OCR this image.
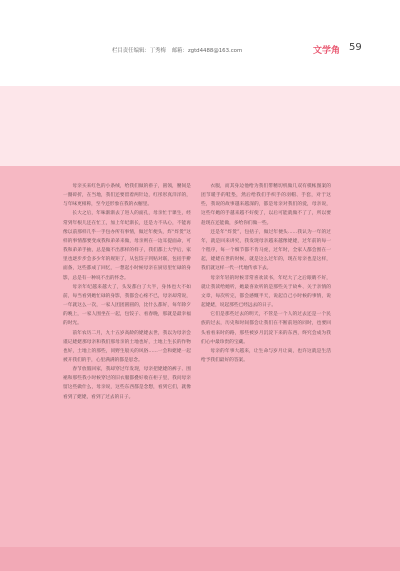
栏目责任编辑：丁秀梅 邮箱：zgtd4488@163.com	文学角 59

母亲买来红色的小条绒，给我们做的褂子，圆领，腰间是一圈碎折，在当地，我们还要留着两针边，红彤彤真洋洋的，与年味更相称，至今还形象在我的衣橱里。

长大之后，年味渐渐去了进人的面孔，母亲忙于课生，经常到年根儿还在忙工，加上年纪渐长，还是力不从心，不能再像以前那样几乎一手包办所有事情，做过年便头，炸“炸货”这样的事情都要变成我和弟弟来做，母亲则在一边耳提面命，可我和弟弟手抽，总是做不出那样的样子，我们都上大学后，家里也逐步步会多少年的规矩了，从包饺子到贴对联，包括手擀面条，这些都成了回忆，一想起小时候母亲在厨房里忙碌的身影，总是有一种说不出的怀念。

母亲年纪越来越大了，头发都白了大半，身体也大不如前，每当看到她忙碌的身影，我都会心疼不已，母亲却常说，一年就这么一次，一家人团团圆圆的，比什么都好，每年除夕的晚上，一家人围坐在一起，包饺子、看春晚，那就是最幸福的时光。

前年农历二月，九十五岁高龄的姥姥去世，我以为母亲会谨记姥姥那母亲和我们那母亲的土地也好，土地上生长的作物也好，土地上的那些，同野生般关的风俗……一会和姥姥一起被开我们的手，心里满满的都是思念。

春节放假回家，我却穿过年发现，母亲把姥姥的裤子、围裙和那些我小时候穿过的旧衣服都叠好收在柜子里，我问母亲留这些做什么，母亲说，这些东西都是念想，看到它们，就像看到了姥姥，看到了过去的日子。

衣服，而其身边他给为我们带精切机做几双有模帐图案的团节暖手的鞋垫，然后给我们手织手的羽帽、手套，对于这些，我说的故事越来越深的，都是母亲对我们的爱，母亲说，这些年她的手越来越不好使了，以后可能就做不了了，所以要趁现在还能做，多给你们做一些。

还是年“炸货”，包括子，做过年便头……我认为一年的过年，就是回来讲究，我发现母亲越来越像姥姥，过年前的每一个程序，每一个细节都不肯马虎，过年时，全家人都会围在一起，姥姥在世的时候，就是这么过年的，现在母亲也是这样，我们就这样一代一代地传承下去。

母亲年轻的时候非常喜欢读书，年纪大了之后眼睛不好，就让我读给她听，她最喜欢听的是那些关于故乡、关于亲情的文章，每次听完，都会感慨半天，说起自己小时候的事情，说起姥姥，说起那些已经远去的日子。

它们是那些过去的明天，不管是一个人的过去还是一个民族的过去，历史和时间都会让我们在不断前进的同时，也要回头看看来时的路，那些被岁月沉淀下来的东西，终究会成为我们心中最珍贵的宝藏。

母亲的年事大越来，让生命与岁月让离，也许这就是生活给予我们最好的答案。
